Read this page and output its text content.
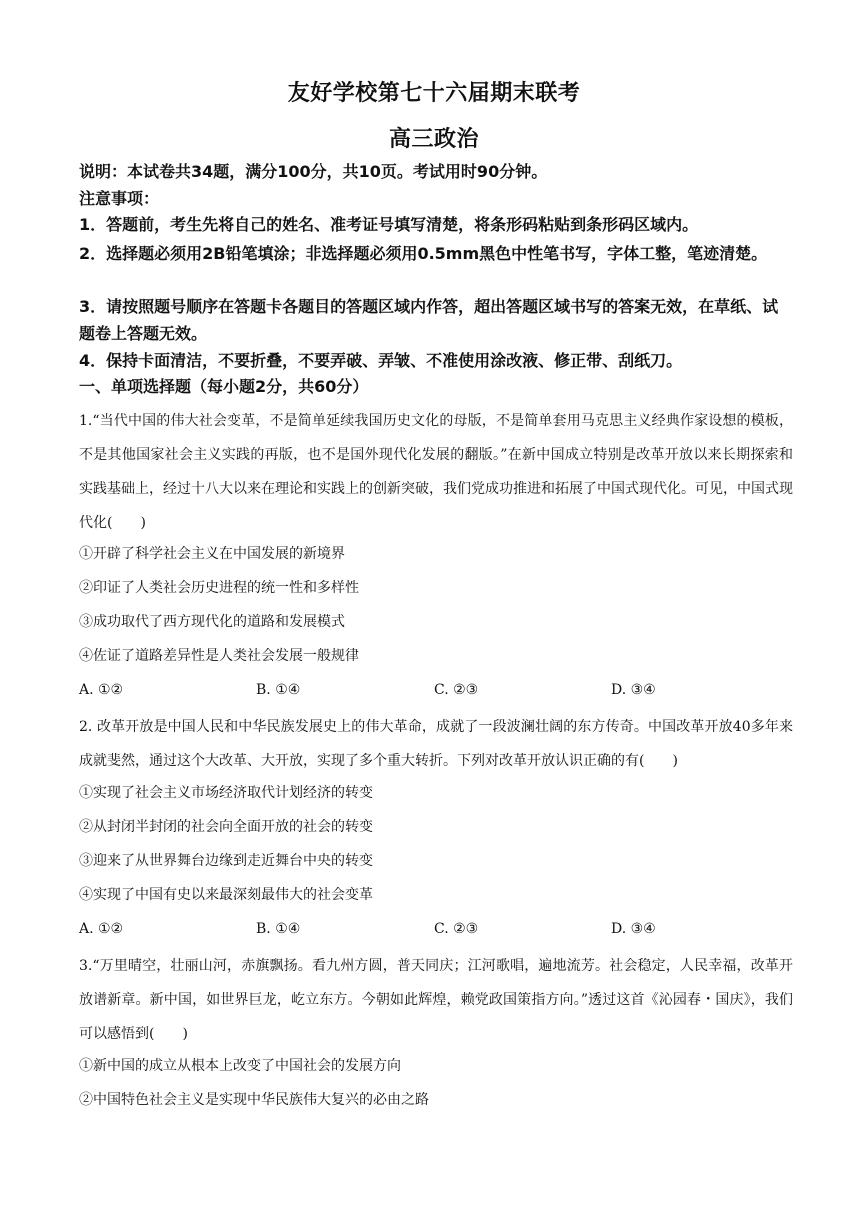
友好学校第七十六届期末联考
高三政治
说明：本试卷共34题，满分100分，共10页。考试用时90分钟。
注意事项：
1．答题前，考生先将自己的姓名、准考证号填写清楚，将条形码粘贴到条形码区域内。
2．选择题必须用2B铅笔填涂；非选择题必须用0.5mm黑色中性笔书写，字体工整，笔迹清楚。
3．请按照题号顺序在答题卡各题目的答题区域内作答，超出答题区域书写的答案无效，在草纸、试题卷上答题无效。
4．保持卡面清洁，不要折叠，不要弄破、弄皱、不准使用涂改液、修正带、刮纸刀。
一、单项选择题（每小题2分，共60分）
1.“当代中国的伟大社会变革，不是简单延续我国历史文化的母版，不是简单套用马克思主义经典作家设想的模板，不是其他国家社会主义实践的再版，也不是国外现代化发展的翻版。”在新中国成立特别是改革开放以来长期探索和实践基础上，经过十八大以来在理论和实践上的创新突破，我们党成功推进和拓展了中国式现代化。可见，中国式现代化(　　)
①开辟了科学社会主义在中国发展的新境界
②印证了人类社会历史进程的统一性和多样性
③成功取代了西方现代化的道路和发展模式
④佐证了道路差异性是人类社会发展一般规律
A. ①②	B. ①④	C. ②③	D. ③④
2. 改革开放是中国人民和中华民族发展史上的伟大革命，成就了一段波澜壮阔的东方传奇。中国改革开放40多年来成就斐然，通过这个大改革、大开放，实现了多个重大转折。下列对改革开放认识正确的有(　　)
①实现了社会主义市场经济取代计划经济的转变
②从封闭半封闭的社会向全面开放的社会的转变
③迎来了从世界舞台边缘到走近舞台中央的转变
④实现了中国有史以来最深刻最伟大的社会变革
A. ①②	B. ①④	C. ②③	D. ③④
3.“万里晴空，壮丽山河，赤旗飘扬。看九州方圆，普天同庆；江河歌唱，遍地流芳。社会稳定，人民幸福，改革开放谱新章。新中国，如世界巨龙，屹立东方。今朝如此辉煌，赖党政国策指方向。”透过这首《沁园春・国庆》，我们可以感悟到(　　)
①新中国的成立从根本上改变了中国社会的发展方向
②中国特色社会主义是实现中华民族伟大复兴的必由之路
